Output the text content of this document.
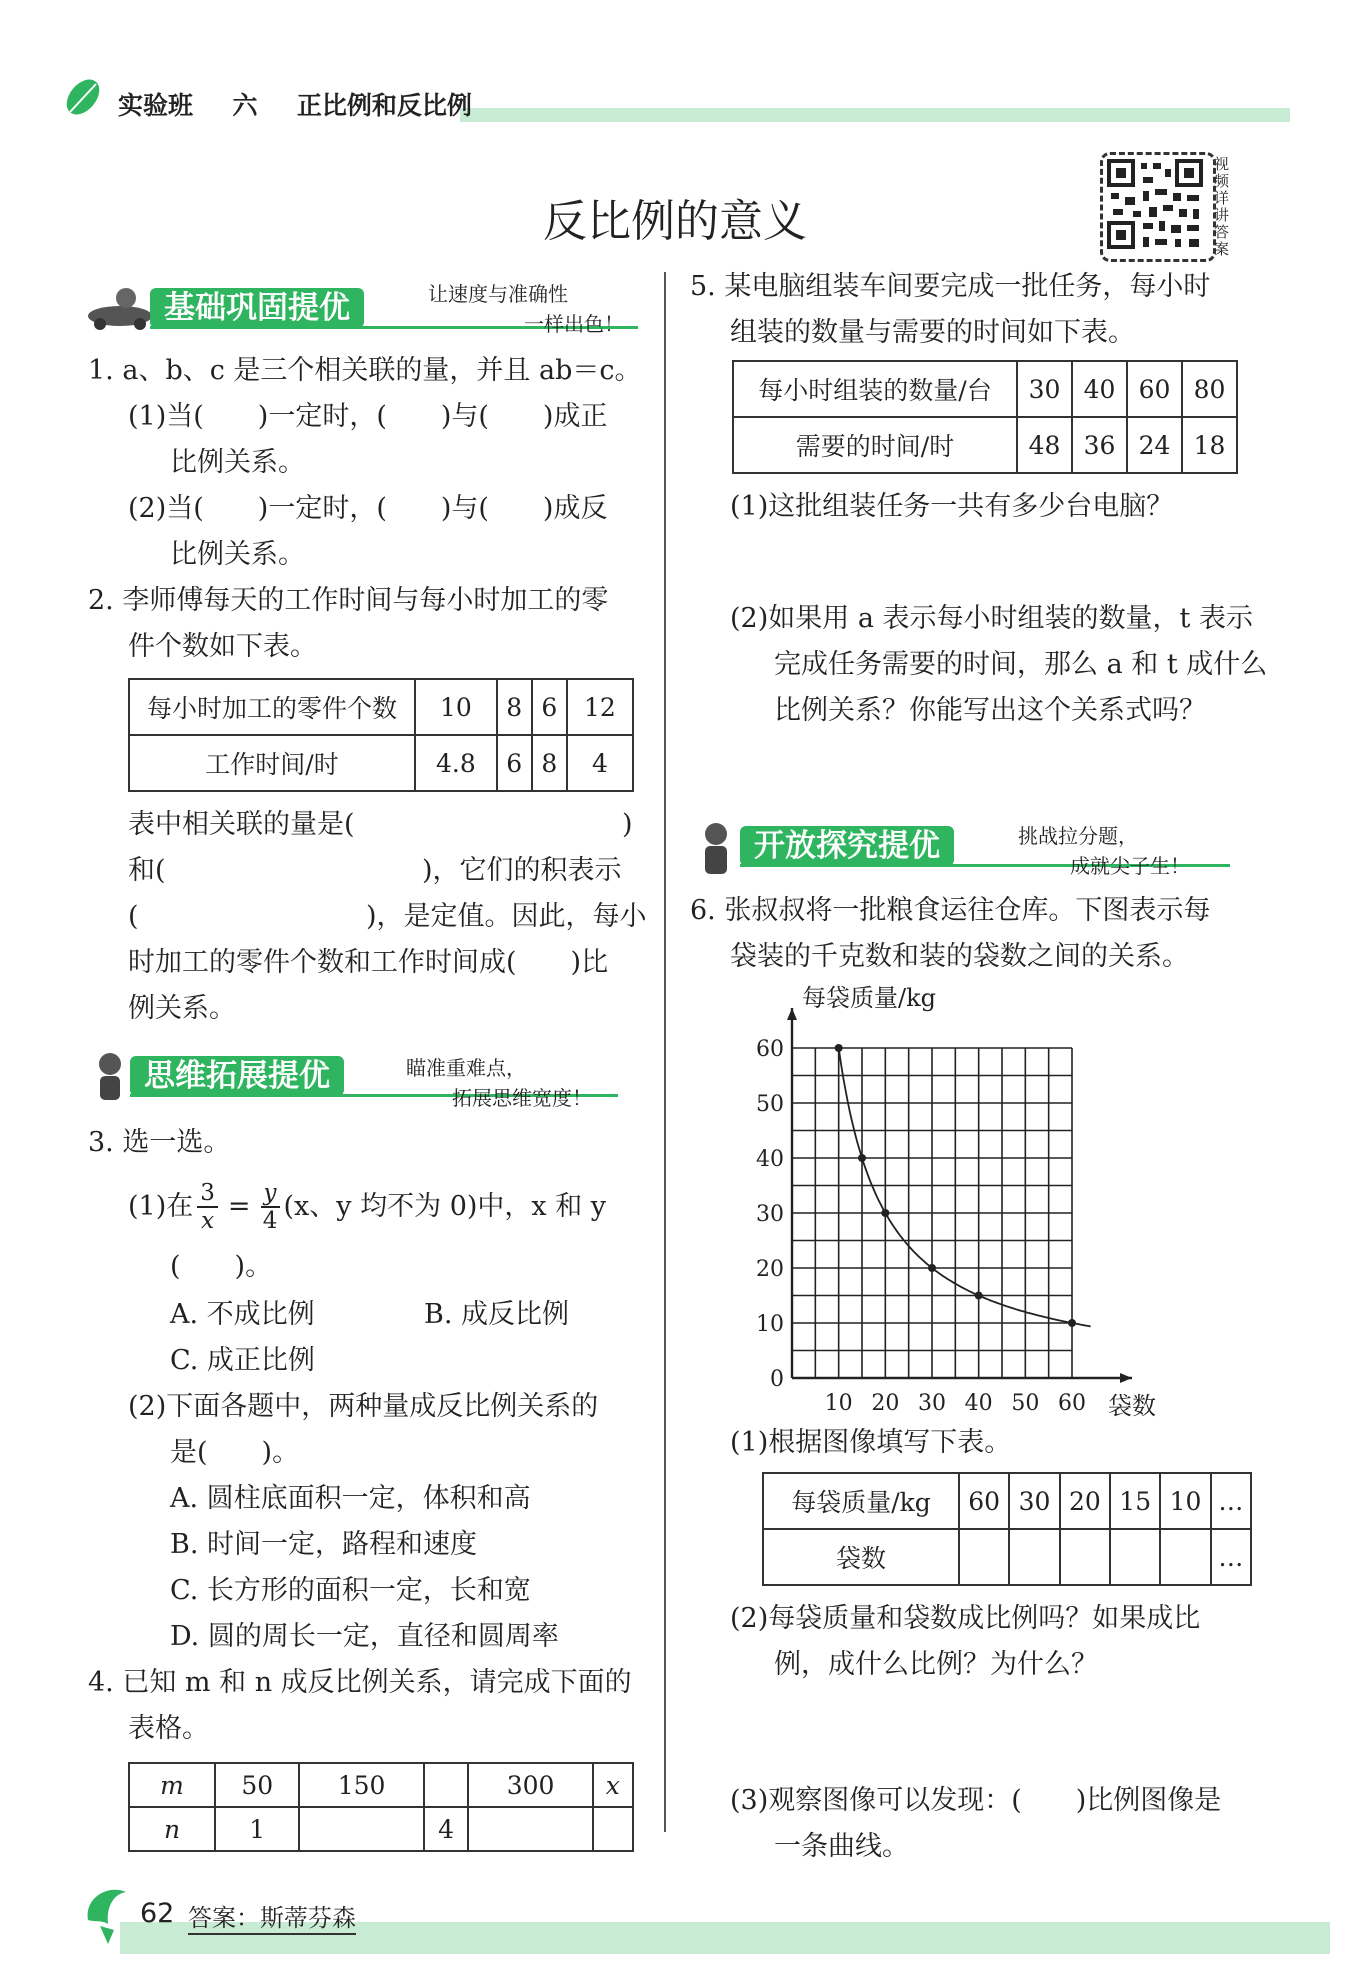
实验班 六 正比例和反比例
反比例的意义
视频详讲答案
基础巩固提优	让速度与准确性
一样出色！
1. a、b、c 是三个相关联的量，并且 ab＝c。
(1)当(　　)一定时，(　　)与(　　)成正
比例关系。
(2)当(　　)一定时，(　　)与(　　)成反
比例关系。
2. 李师傅每天的工作时间与每小时加工的零
件个数如下表。
每小时加工的零件个数	10	8	6	12
工作时间/时	4.8	6	8	4
表中相关联的量是(	)
和(	)，它们的积表示
(	)，是定值。因此，每小
时加工的零件个数和工作时间成(　　)比
例关系。
思维拓展提优	瞄准重难点，
拓展思维宽度！
3. 选一选。
(1)在 $\frac{3}{x} = \frac{y}{4} (x$、y 均不为 0)中，x 和 y
(　　)。
A. 不成比例	B. 成反比例
C. 成正比例
(2)下面各题中，两种量成反比例关系的
是(　　)。
A. 圆柱底面积一定，体积和高
B. 时间一定，路程和速度
C. 长方形的面积一定，长和宽
D. 圆的周长一定，直径和圆周率
4. 已知 m 和 n 成反比例关系，请完成下面的
表格。
m	50	150		300	x
n	1		4		
5. 某电脑组装车间要完成一批任务，每小时
组装的数量与需要的时间如下表。
每小时组装的数量/台	30	40	60	80
需要的时间/时	48	36	24	18
(1)这批组装任务一共有多少台电脑？
(2)如果用 a 表示每小时组装的数量，t 表示
完成任务需要的时间，那么 a 和 t 成什么
比例关系？你能写出这个关系式吗？
开放探究提优	挑战拉分题，
成就尖子生！
6. 张叔叔将一批粮食运往仓库。下图表示每
袋装的千克数和装的袋数之间的关系。
10 20 30 40 50 60
0
10
20
30
40
50
60
袋数
每袋质量/kg
(1)根据图像填写下表。
每袋质量/kg	60	30	20	15	10	…
袋数						…
(2)每袋质量和袋数成比例吗？如果成比
例，成什么比例？为什么？
(3)观察图像可以发现：(　　)比例图像是
一条曲线。
62 答案：斯蒂芬森
